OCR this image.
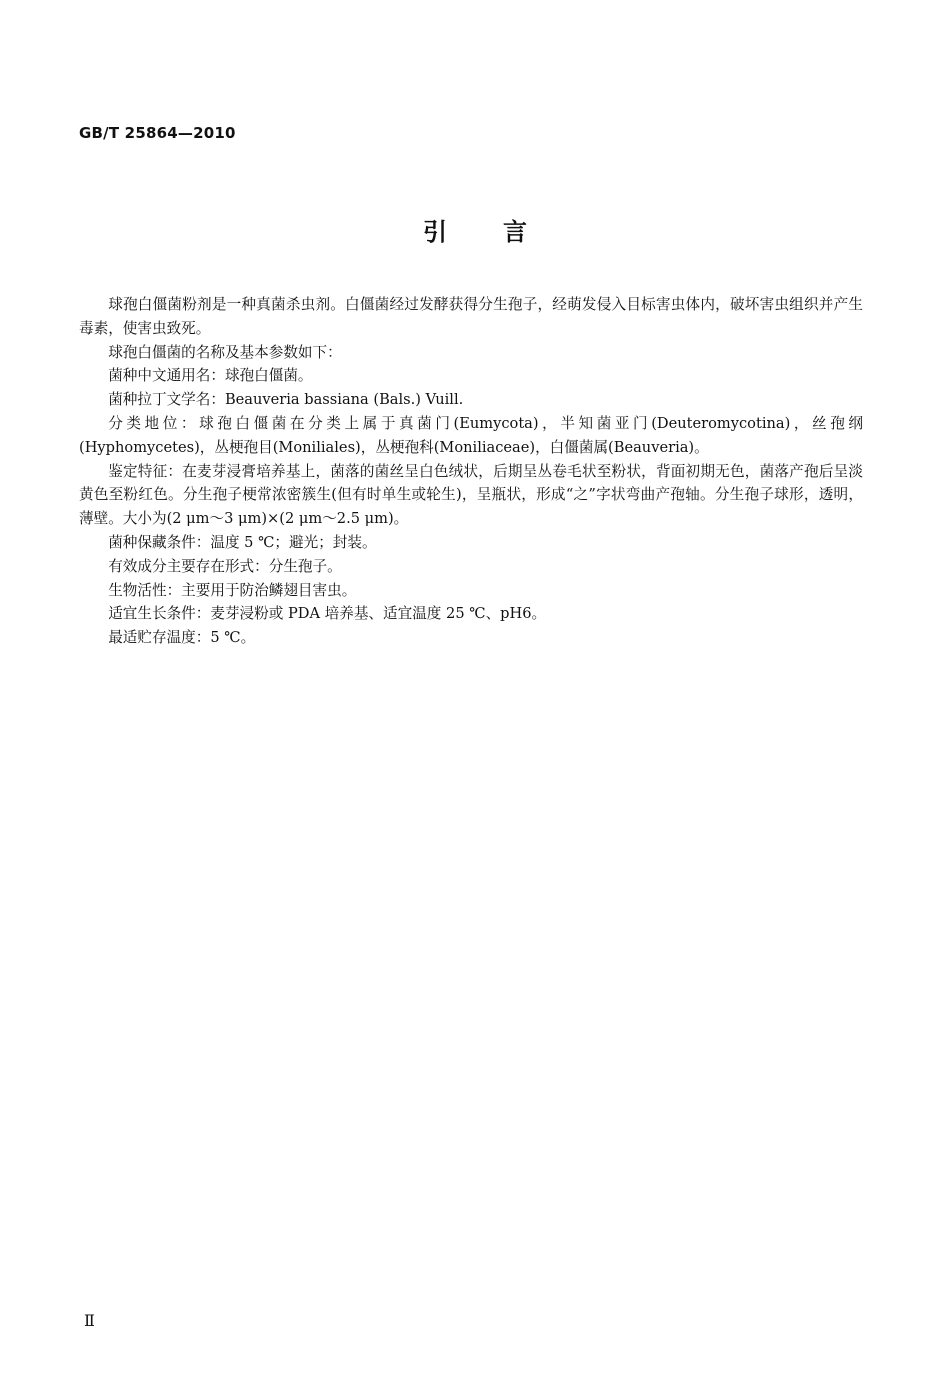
GB/T 25864—2010
引言

球孢白僵菌粉剂是一种真菌杀虫剂。白僵菌经过发酵获得分生孢子，经萌发侵入目标害虫体内，破坏害虫组织并产生毒素，使害虫致死。

球孢白僵菌的名称及基本参数如下：

菌种中文通用名：球孢白僵菌。

菌种拉丁文学名：Beauveria bassiana (Bals.) Vuill.

分类地位：球孢白僵菌在分类上属于真菌门(Eumycota)，半知菌亚门(Deuteromycotina)，丝孢纲(Hyphomycetes)，丛梗孢目(Moniliales)，丛梗孢科(Moniliaceae)，白僵菌属(Beauveria)。

鉴定特征：在麦芽浸膏培养基上，菌落的菌丝呈白色绒状，后期呈丛卷毛状至粉状，背面初期无色，菌落产孢后呈淡黄色至粉红色。分生孢子梗常浓密簇生(但有时单生或轮生)，呈瓶状，形成“之”字状弯曲产孢轴。分生孢子球形，透明，薄壁。大小为(2 μm～3 μm)×(2 μm～2.5 μm)。

菌种保藏条件：温度 5 ℃；避光；封装。

有效成分主要存在形式：分生孢子。

生物活性：主要用于防治鳞翅目害虫。

适宜生长条件：麦芽浸粉或 PDA 培养基、适宜温度 25 ℃、pH6。

最适贮存温度：5 ℃。

Ⅱ
